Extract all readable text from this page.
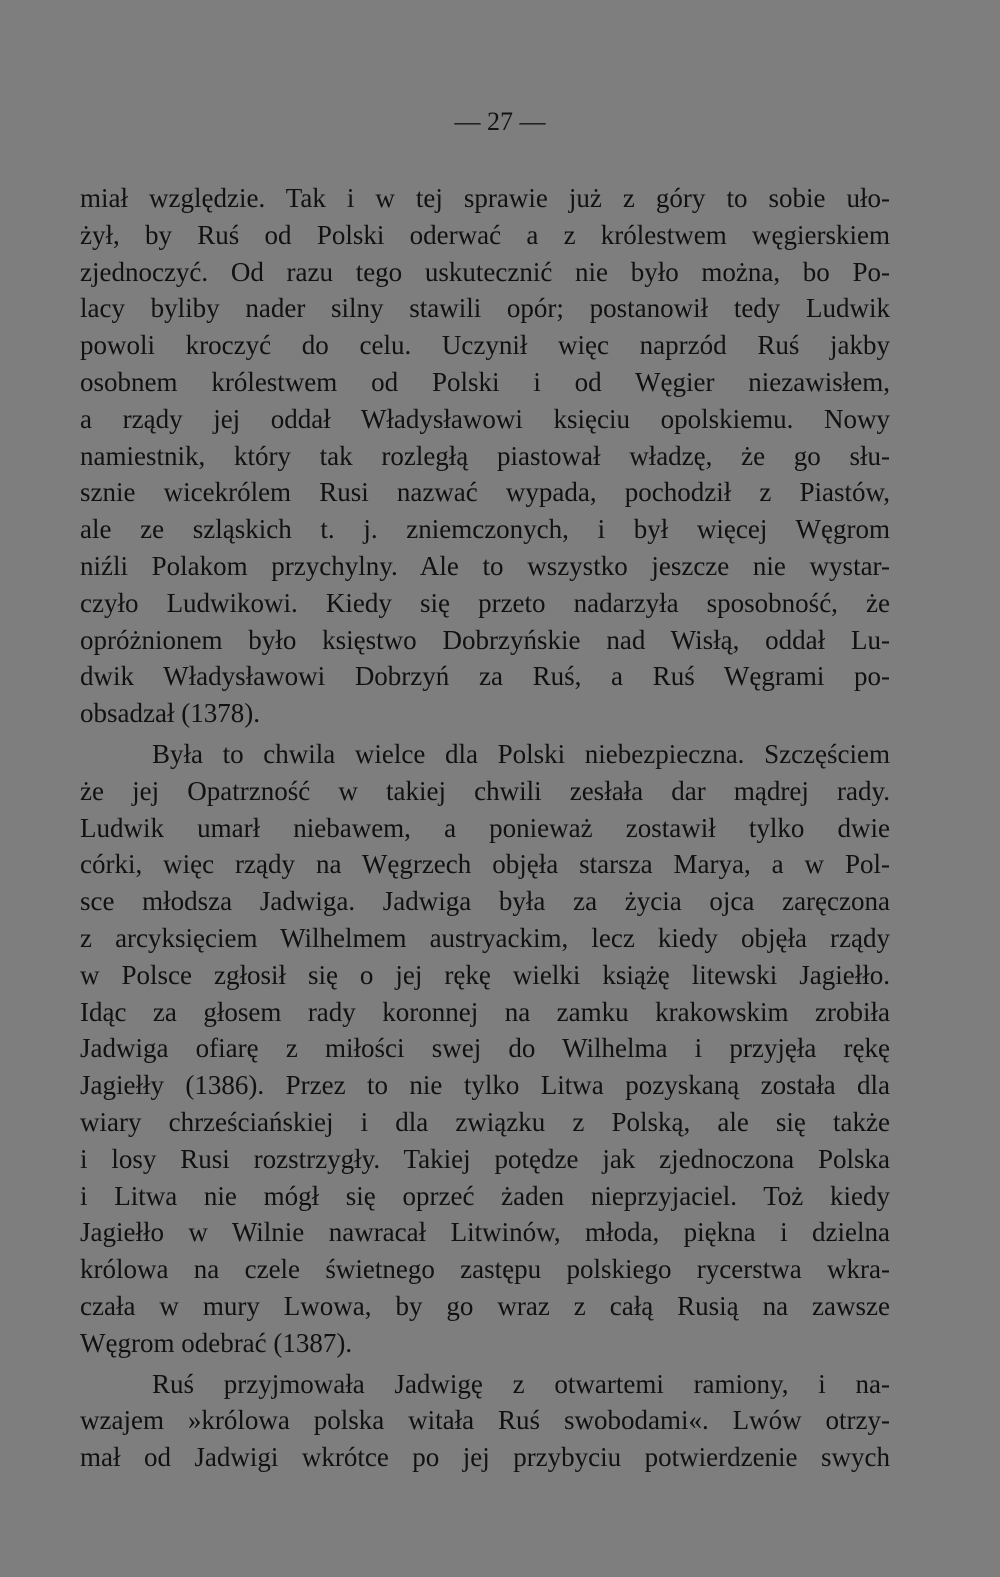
— 27 —
miał względzie. Tak i w tej sprawie już z góry to sobie uło-
żył, by Ruś od Polski oderwać a z królestwem węgierskiem
zjednoczyć. Od razu tego uskutecznić nie było można, bo Po-
lacy byliby nader silny stawili opór; postanowił tedy Ludwik
powoli kroczyć do celu. Uczynił więc naprzód Ruś jakby
osobnem królestwem od Polski i od Węgier niezawisłem,
a rządy jej oddał Władysławowi księciu opolskiemu. Nowy
namiestnik, który tak rozległą piastował władzę, że go słu-
sznie wicekrólem Rusi nazwać wypada, pochodził z Piastów,
ale ze szląskich t. j. zniemczonych, i był więcej Węgrom
niźli Polakom przychylny. Ale to wszystko jeszcze nie wystar-
czyło Ludwikowi. Kiedy się przeto nadarzyła sposobność, że
opróżnionem było księstwo Dobrzyńskie nad Wisłą, oddał Lu-
dwik Władysławowi Dobrzyń za Ruś, a Ruś Węgrami po-
obsadzał (1378).
Była to chwila wielce dla Polski niebezpieczna. Szczęściem
że jej Opatrzność w takiej chwili zesłała dar mądrej rady.
Ludwik umarł niebawem, a ponieważ zostawił tylko dwie
córki, więc rządy na Węgrzech objęła starsza Marya, a w Pol-
sce młodsza Jadwiga. Jadwiga była za życia ojca zaręczona
z arcyksięciem Wilhelmem austryackim, lecz kiedy objęła rządy
w Polsce zgłosił się o jej rękę wielki książę litewski Jagiełło.
Idąc za głosem rady koronnej na zamku krakowskim zrobiła
Jadwiga ofiarę z miłości swej do Wilhelma i przyjęła rękę
Jagiełły (1386). Przez to nie tylko Litwa pozyskaną została dla
wiary chrześciańskiej i dla związku z Polską, ale się także
i losy Rusi rozstrzygły. Takiej potędze jak zjednoczona Polska
i Litwa nie mógł się oprzeć żaden nieprzyjaciel. Toż kiedy
Jagiełło w Wilnie nawracał Litwinów, młoda, piękna i dzielna
królowa na czele świetnego zastępu polskiego rycerstwa wkra-
czała w mury Lwowa, by go wraz z całą Rusią na zawsze
Węgrom odebrać (1387).
Ruś przyjmowała Jadwigę z otwartemi ramiony, i na-
wzajem »królowa polska witała Ruś swobodami«. Lwów otrzy-
mał od Jadwigi wkrótce po jej przybyciu potwierdzenie swych
